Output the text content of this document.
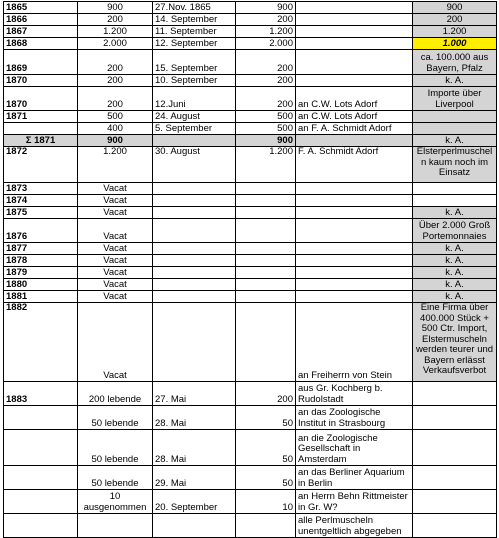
1865	900	27.Nov. 1865	900		900
1866	200	14. September	200		200
1867	1.200	11. September	1.200		1.200
1868	2.000	12. September	2.000		1.000
1869	200	15. September	200		ca. 100.000 aus Bayern, Pfalz
1870	200	10. September	200		k. A.
1870	200	12.Juni	200	an C.W. Lots Adorf	Importe über Liverpool
1871	500	24. August	500	an C.W. Lots Adorf	
	400	5. September	500	an F. A. Schmidt Adorf	
Σ 1871	900		900		k. A.
1872	1.200	30. August	1.200	F. A. Schmidt Adorf	Elsterperlmuschel n kaum noch im Einsatz
1873	Vacat				
1874	Vacat				
1875	Vacat				k. A.
1876	Vacat				Über 2.000 Groß Portemonnaies
1877	Vacat				k. A.
1878	Vacat				k. A.
1879	Vacat				k. A.
1880	Vacat				k. A.
1881	Vacat				k. A.
1882	Vacat			an Freiherrn von Stein	Eine Firma über 400.000 Stück + 500 Ctr. Import, Elstermuscheln werden teurer und Bayern erlässt Verkaufsverbot
1883	200 lebende	27. Mai	200	aus Gr. Kochberg b. Rudolstadt	
	50 lebende	28. Mai	50	an das Zoologische Institut in Strasbourg	
	50 lebende	28. Mai	50	an die Zoologische Gesellschaft in Amsterdam	
	50 lebende	29. Mai	50	an das Berliner Aquarium in Berlin	
	10 ausgenommen	20. September	10	an Herrn Behn Rittmeister in Gr. W?	
				alle Perlmuscheln unentgeltlich abgegeben	
